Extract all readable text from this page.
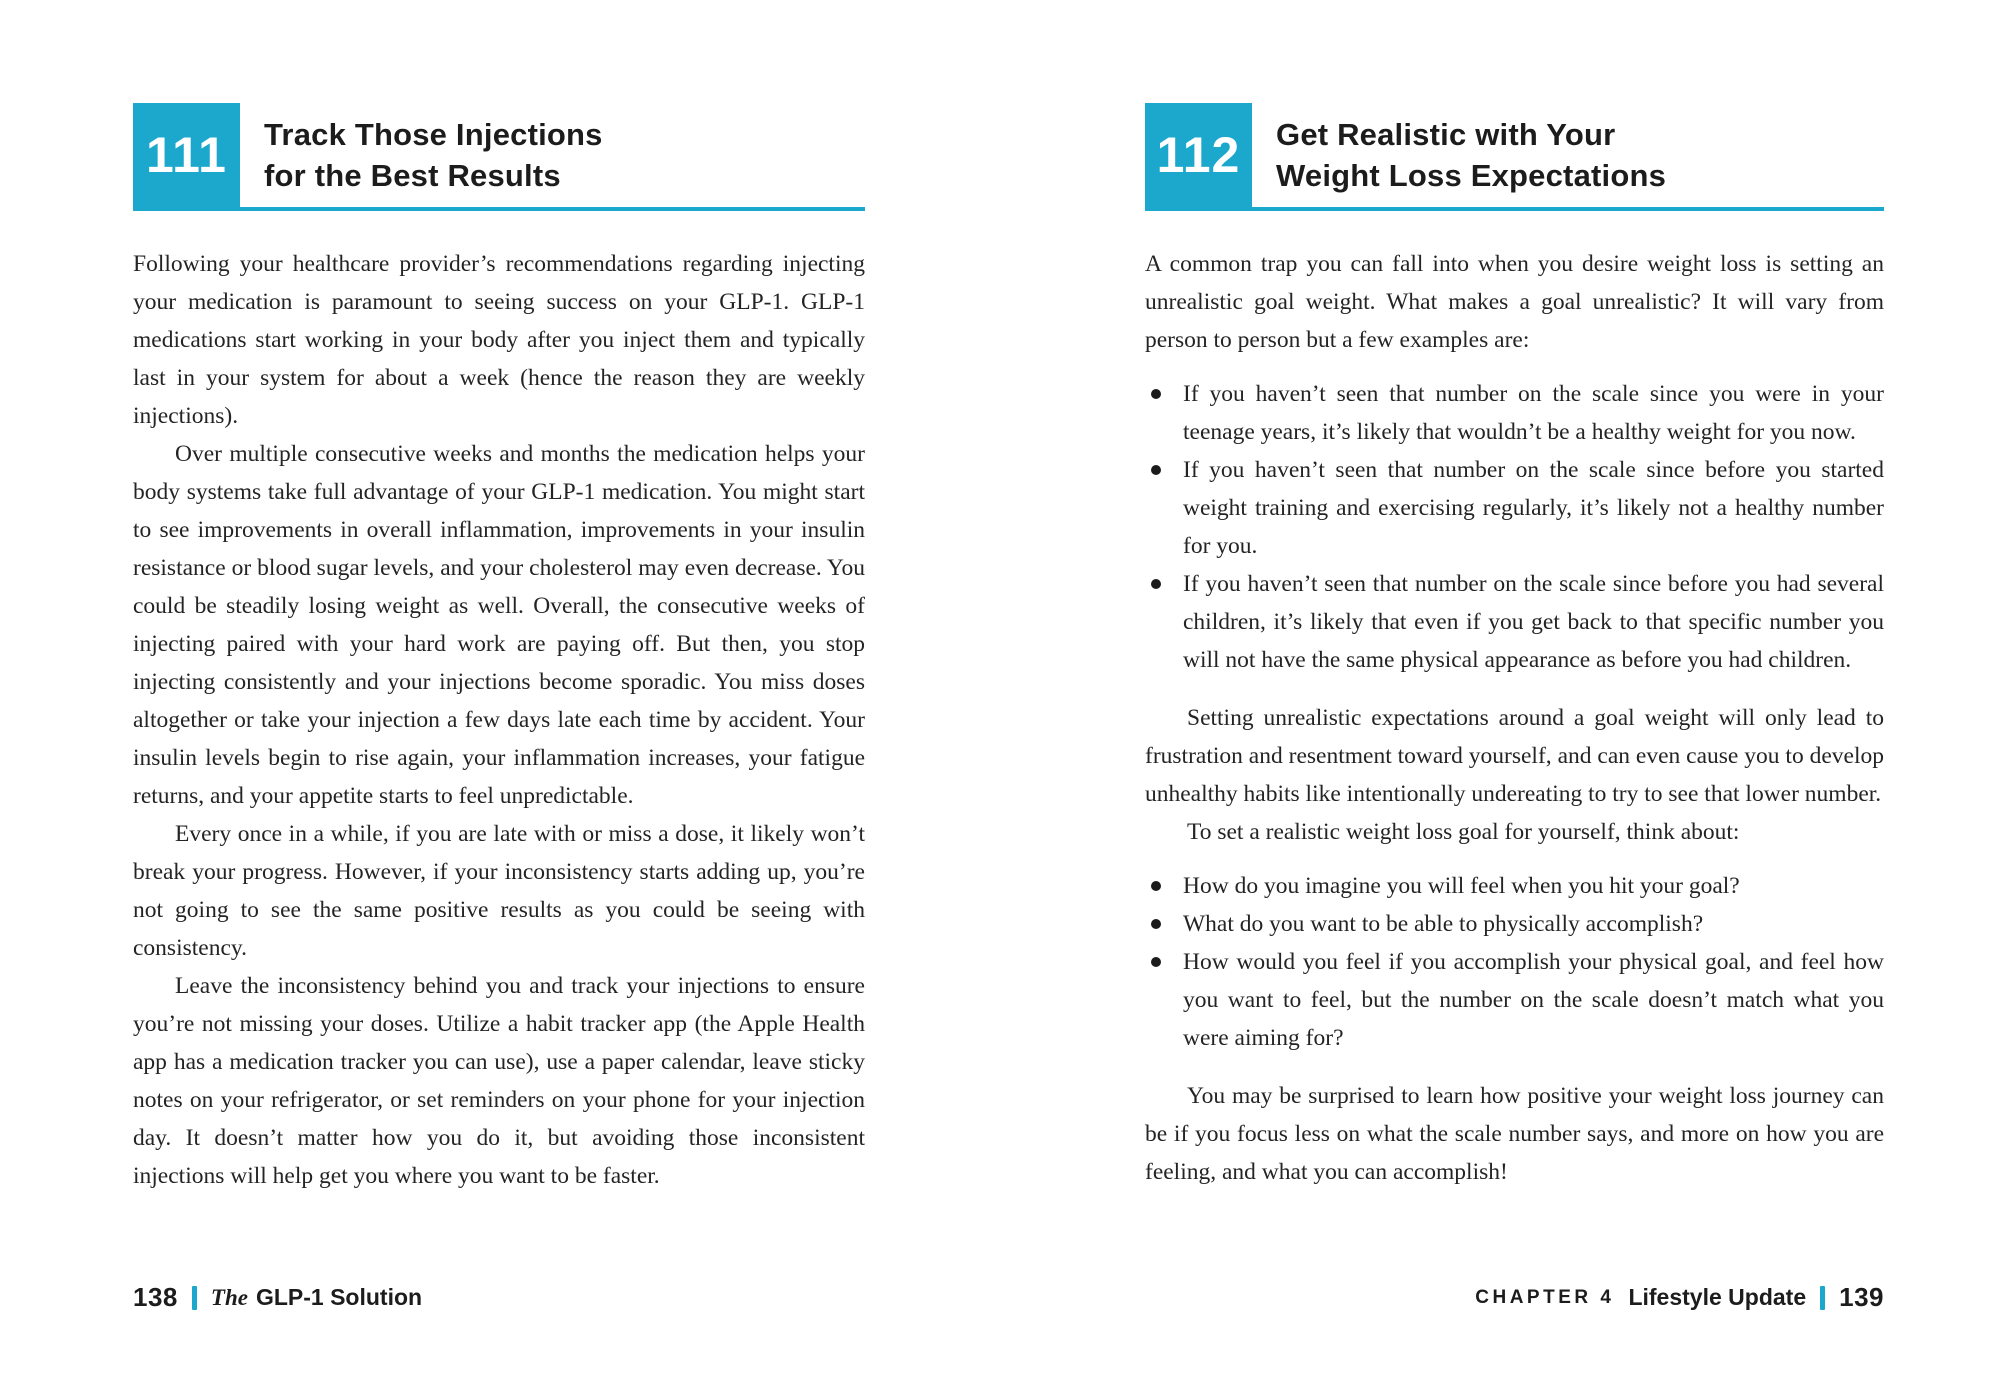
111	Track Those Injections
for the Best Results

Following your healthcare provider’s recommendations regarding injecting your medication is paramount to seeing success on your GLP-1. GLP-1 medications start working in your body after you inject them and typically last in your system for about a week (hence the reason they are weekly injections).

Over multiple consecutive weeks and months the medication helps your body systems take full advantage of your GLP-1 medication. You might start to see improvements in overall inflammation, improvements in your insulin resistance or blood sugar levels, and your cholesterol may even decrease. You could be steadily losing weight as well. Overall, the consecutive weeks of injecting paired with your hard work are paying off. But then, you stop injecting consistently and your injections become sporadic. You miss doses altogether or take your injection a few days late each time by accident. Your insulin levels begin to rise again, your inflammation increases, your fatigue returns, and your appetite starts to feel unpredictable.

Every once in a while, if you are late with or miss a dose, it likely won’t break your progress. However, if your inconsistency starts adding up, you’re not going to see the same positive results as you could be seeing with consistency.

Leave the inconsistency behind you and track your injections to ensure you’re not missing your doses. Utilize a habit tracker app (the Apple Health app has a medication tracker you can use), use a paper calendar, leave sticky notes on your refrigerator, or set reminders on your phone for your injection day. It doesn’t matter how you do it, but avoiding those inconsistent injections will help get you where you want to be faster.

138 The GLP-1 Solution
112	Get Realistic with Your
Weight Loss Expectations

A common trap you can fall into when you desire weight loss is setting an unrealistic goal weight. What makes a goal unrealistic? It will vary from person to person but a few examples are:

If you haven’t seen that number on the scale since you were in your teenage years, it’s likely that wouldn’t be a healthy weight for you now.
If you haven’t seen that number on the scale since before you started weight training and exercising regularly, it’s likely not a healthy number for you.
If you haven’t seen that number on the scale since before you had several children, it’s likely that even if you get back to that specific number you will not have the same physical appearance as before you had children.

Setting unrealistic expectations around a goal weight will only lead to frustration and resentment toward yourself, and can even cause you to develop unhealthy habits like intentionally undereating to try to see that lower number.

To set a realistic weight loss goal for yourself, think about:

How do you imagine you will feel when you hit your goal?
What do you want to be able to physically accomplish?
How would you feel if you accomplish your physical goal, and feel how you want to feel, but the number on the scale doesn’t match what you were aiming for?

You may be surprised to learn how positive your weight loss journey can be if you focus less on what the scale number says, and more on how you are feeling, and what you can accomplish!

CHAPTER 4 Lifestyle Update 139
